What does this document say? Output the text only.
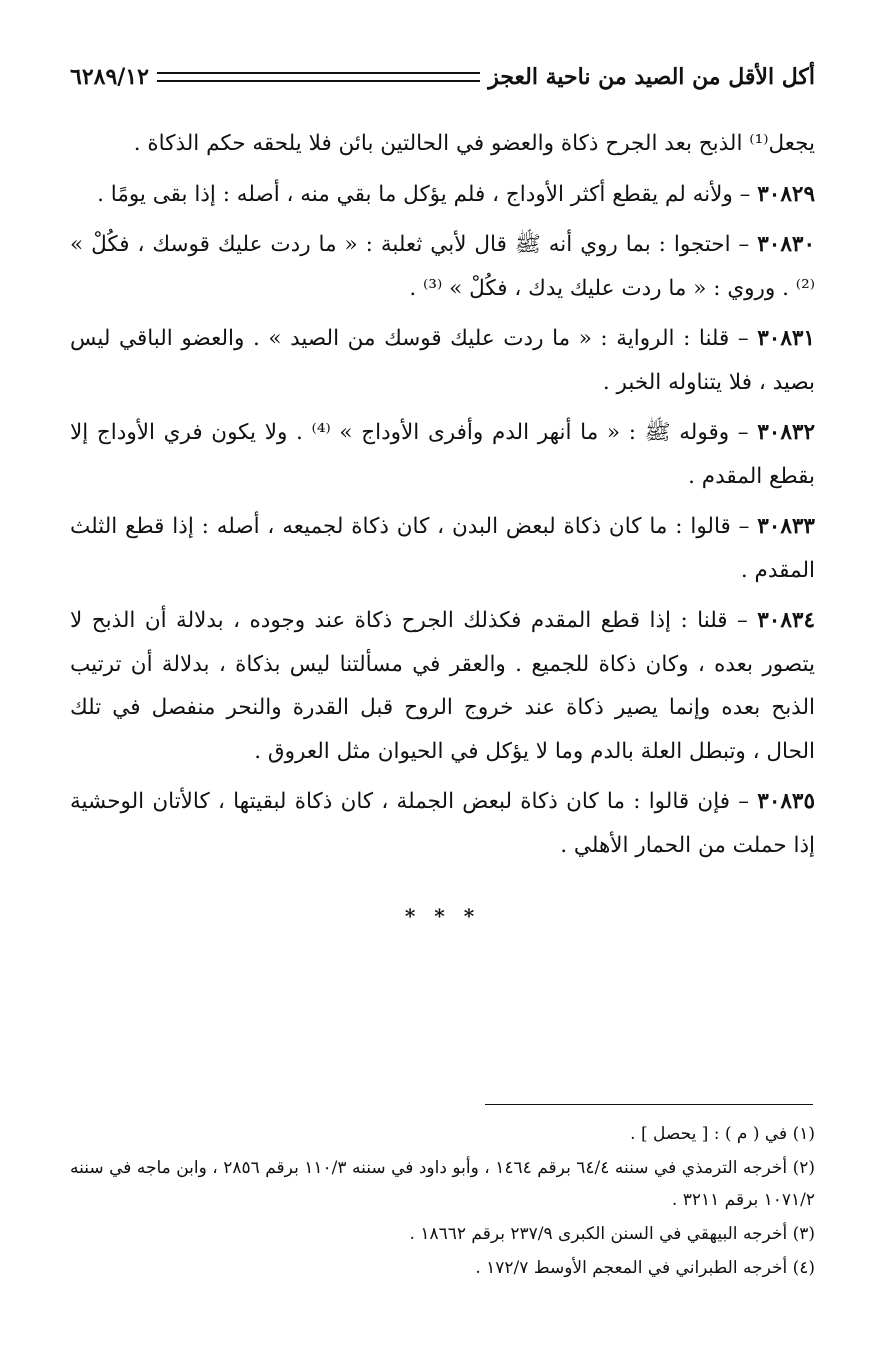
أكل الأقل من الصيد من ناحية العجز
٦٢٨٩/١٢

يجعل⁽¹⁾ الذبح بعد الجرح ذكاة والعضو في الحالتين بائن فلا يلحقه حكم الذكاة .

٣٠٨٢٩ – ولأنه لم يقطع أكثر الأوداج ، فلم يؤكل ما بقي منه ، أصله : إذا بقى يومًا .

٣٠٨٣٠ – احتجوا : بما روي أنه ﷺ قال لأبي ثعلبة : « ما ردت عليك قوسك ، فكُلْ » ⁽²⁾ . وروي : « ما ردت عليك يدك ، فكُلْ » ⁽³⁾ .

٣٠٨٣١ – قلنا : الرواية : « ما ردت عليك قوسك من الصيد » . والعضو الباقي ليس بصيد ، فلا يتناوله الخبر .

٣٠٨٣٢ – وقوله ﷺ : « ما أنهر الدم وأفرى الأوداج » ⁽⁴⁾ . ولا يكون فري الأوداج إلا بقطع المقدم .

٣٠٨٣٣ – قالوا : ما كان ذكاة لبعض البدن ، كان ذكاة لجميعه ، أصله : إذا قطع الثلث المقدم .

٣٠٨٣٤ – قلنا : إذا قطع المقدم فكذلك الجرح ذكاة عند وجوده ، بدلالة أن الذبح لا يتصور بعده ، وكان ذكاة للجميع . والعقر في مسألتنا ليس بذكاة ، بدلالة أن ترتيب الذبح بعده وإنما يصير ذكاة عند خروج الروح قبل القدرة والنحر منفصل في تلك الحال ، وتبطل العلة بالدم وما لا يؤكل في الحيوان مثل العروق .

٣٠٨٣٥ – فإن قالوا : ما كان ذكاة لبعض الجملة ، كان ذكاة لبقيتها ، كالأتان الوحشية إذا حملت من الحمار الأهلي .

* * *

(١) في ( م ) : [ يحصل ] .

(٢) أخرجه الترمذي في سننه ٦٤/٤ برقم ١٤٦٤ ، وأبو داود في سننه ١١٠/٣ برقم ٢٨٥٦ ، وابن ماجه في سننه ١٠٧١/٢ برقم ٣٢١١ .

(٣) أخرجه البيهقي في السنن الكبرى ٢٣٧/٩ برقم ١٨٦٦٢ .

(٤) أخرجه الطبراني في المعجم الأوسط ١٧٢/٧ .
